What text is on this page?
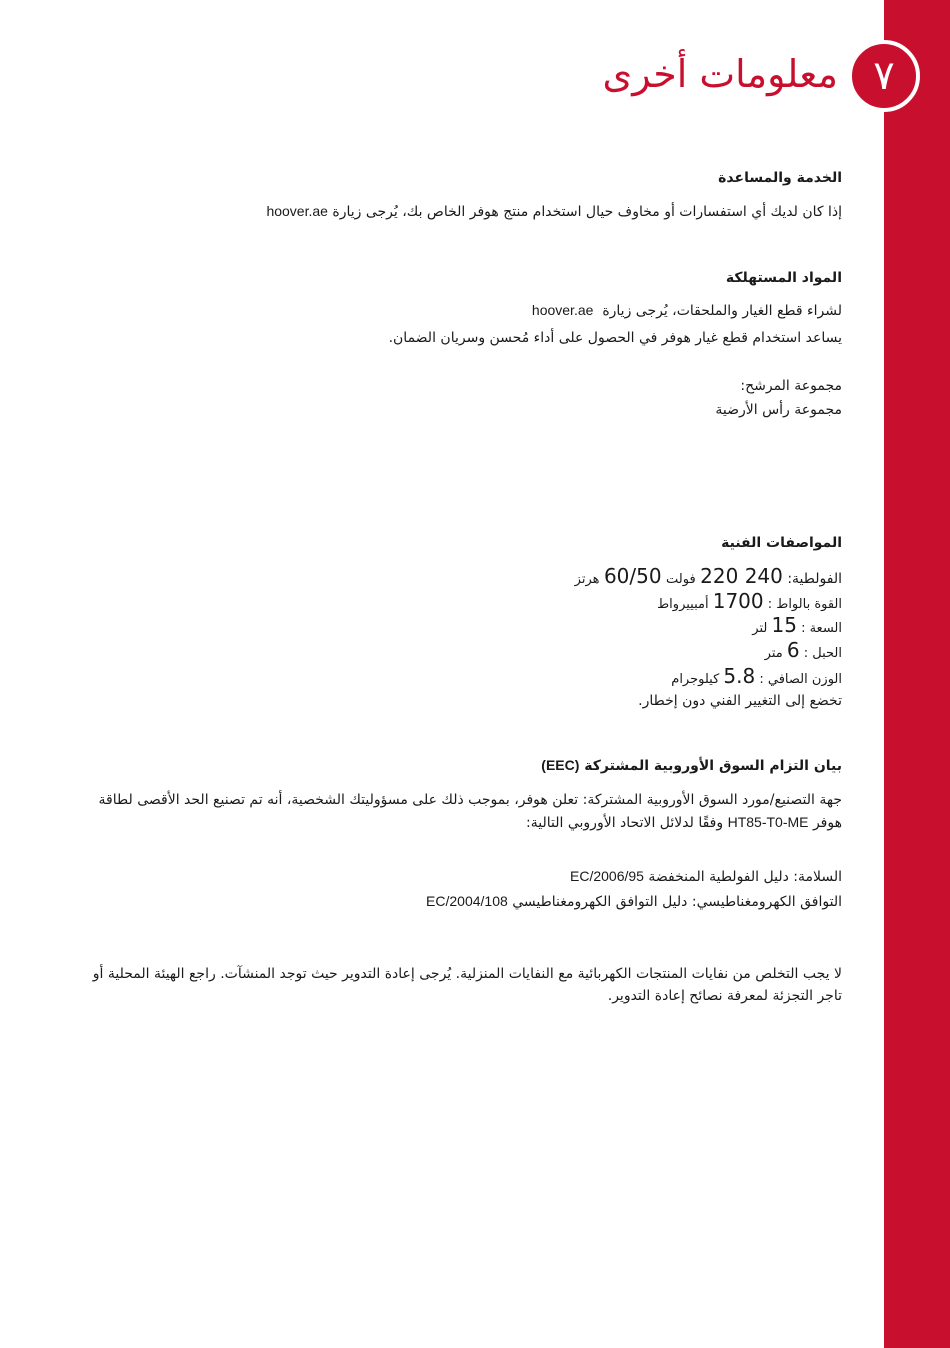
٧
معلومات أخرى
الخدمة والمساعدة
إذا كان لديك أي استفسارات أو مخاوف حيال استخدام منتج هوفر الخاص بك، يُرجى زيارة hoover.ae
المواد المستهلكة
لشراء قطع الغيار والملحقات، يُرجى زيارة  hoover.ae
يساعد استخدام قطع غيار هوفر في الحصول على أداء مُحسن وسريان الضمان.
مجموعة المرشح:
مجموعة رأس الأرضية
المواصفات الفنية
الفولطية: 220 240 فولت 60/50 هرتز
القوة بالواط : 1700 أمبييرواط
السعة : 15 لتر
الحبل : 6 متر
الوزن الصافي : 5.8 كيلوجرام
تخضع إلى التغيير الفني دون إخطار.
بيان التزام السوق الأوروبية المشتركة (EEC)
جهة التصنيع/مورد السوق الأوروبية المشتركة: تعلن هوفر، بموجب ذلك على مسؤوليتك الشخصية، أنه تم تصنيع الحد الأقصى لطاقة
هوفر HT85-T0-ME وفقًا لدلائل الاتحاد الأوروبي التالية:
السلامة: دليل الفولطية المنخفضة EC/2006/95
التوافق الكهرومغناطيسي: دليل التوافق الكهرومغناطيسي EC/2004/108
لا يجب التخلص من نفايات المنتجات الكهربائية مع النفايات المنزلية. يُرجى إعادة التدوير حيث توجد المنشآت. راجع الهيئة المحلية أو تاجر التجزئة لمعرفة نصائح إعادة التدوير.
